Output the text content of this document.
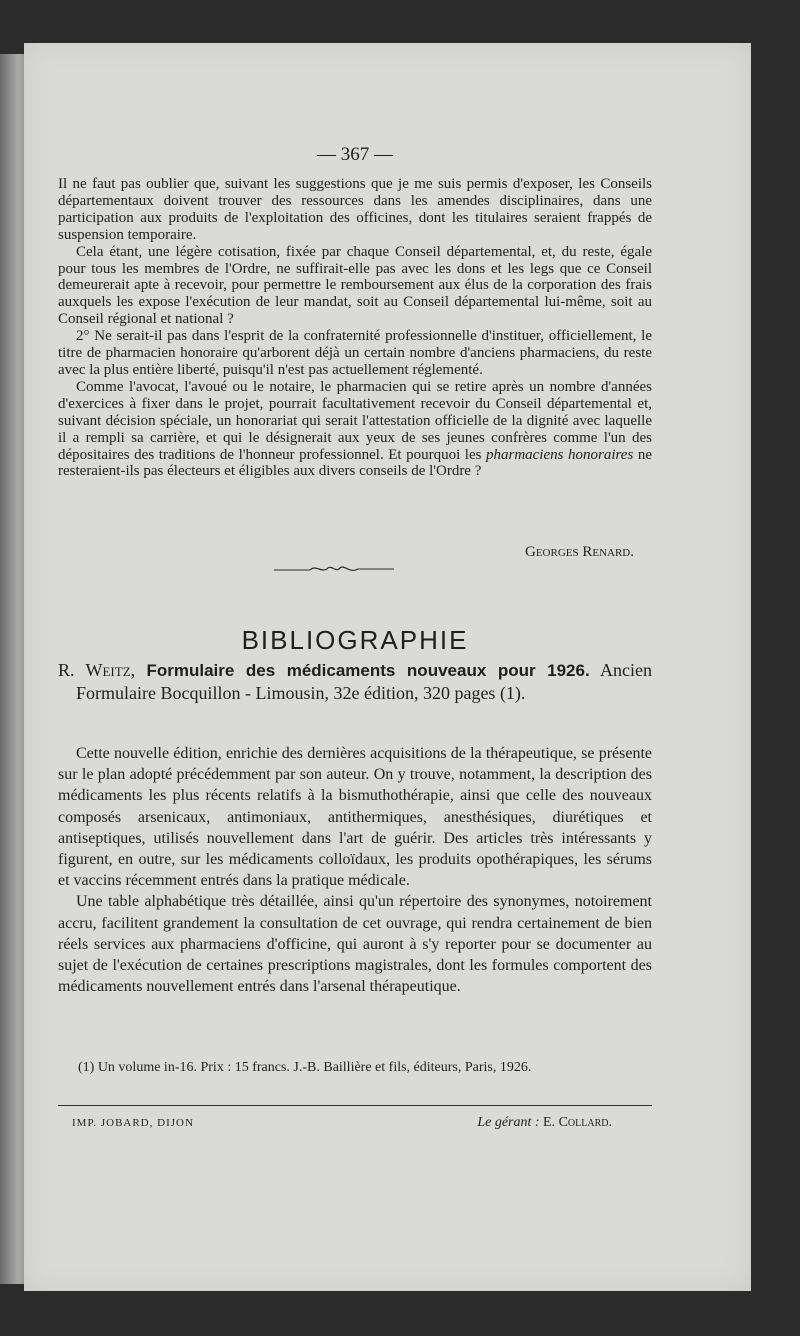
— 367 —

Il ne faut pas oublier que, suivant les suggestions que je me suis permis d'exposer, les Conseils départementaux doivent trouver des ressources dans les amendes disciplinaires, dans une participation aux produits de l'exploitation des officines, dont les titulaires seraient frappés de suspension temporaire.

Cela étant, une légère cotisation, fixée par chaque Conseil départemental, et, du reste, égale pour tous les membres de l'Ordre, ne suffirait-elle pas avec les dons et les legs que ce Conseil demeurerait apte à recevoir, pour permettre le remboursement aux élus de la corporation des frais auxquels les expose l'exécution de leur mandat, soit au Conseil départemental lui-même, soit au Conseil régional et national ?

2° Ne serait-il pas dans l'esprit de la confraternité professionnelle d'instituer, officiellement, le titre de pharmacien honoraire qu'arborent déjà un certain nombre d'anciens pharmaciens, du reste avec la plus entière liberté, puisqu'il n'est pas actuellement réglementé.

Comme l'avocat, l'avoué ou le notaire, le pharmacien qui se retire après un nombre d'années d'exercices à fixer dans le projet, pourrait facultativement recevoir du Conseil départemental et, suivant décision spéciale, un honorariat qui serait l'attestation officielle de la dignité avec laquelle il a rempli sa carrière, et qui le désignerait aux yeux de ses jeunes confrères comme l'un des dépositaires des traditions de l'honneur professionnel. Et pourquoi les pharmaciens honoraires ne resteraient-ils pas électeurs et éligibles aux divers conseils de l'Ordre ?

Georges Renard.
BIBLIOGRAPHIE
R. Weitz, Formulaire des médicaments nouveaux pour 1926. Ancien Formulaire Bocquillon - Limousin, 32e édition, 320 pages (1).

Cette nouvelle édition, enrichie des dernières acquisitions de la thérapeutique, se présente sur le plan adopté précédemment par son auteur. On y trouve, notamment, la description des médicaments les plus récents relatifs à la bismuthothérapie, ainsi que celle des nouveaux composés arsenicaux, antimoniaux, antithermiques, anesthésiques, diurétiques et antiseptiques, utilisés nouvellement dans l'art de guérir. Des articles très intéressants y figurent, en outre, sur les médicaments colloïdaux, les produits opothérapiques, les sérums et vaccins récemment entrés dans la pratique médicale.

Une table alphabétique très détaillée, ainsi qu'un répertoire des synonymes, notoirement accru, facilitent grandement la consultation de cet ouvrage, qui rendra certainement de bien réels services aux pharmaciens d'officine, qui auront à s'y reporter pour se documenter au sujet de l'exécution de certaines prescriptions magistrales, dont les formules comportent des médicaments nouvellement entrés dans l'arsenal thérapeutique.

(1) Un volume in-16. Prix : 15 francs. J.-B. Baillière et fils, éditeurs, Paris, 1926.
IMP. JOBARD, DIJON	Le gérant : E. Collard.
